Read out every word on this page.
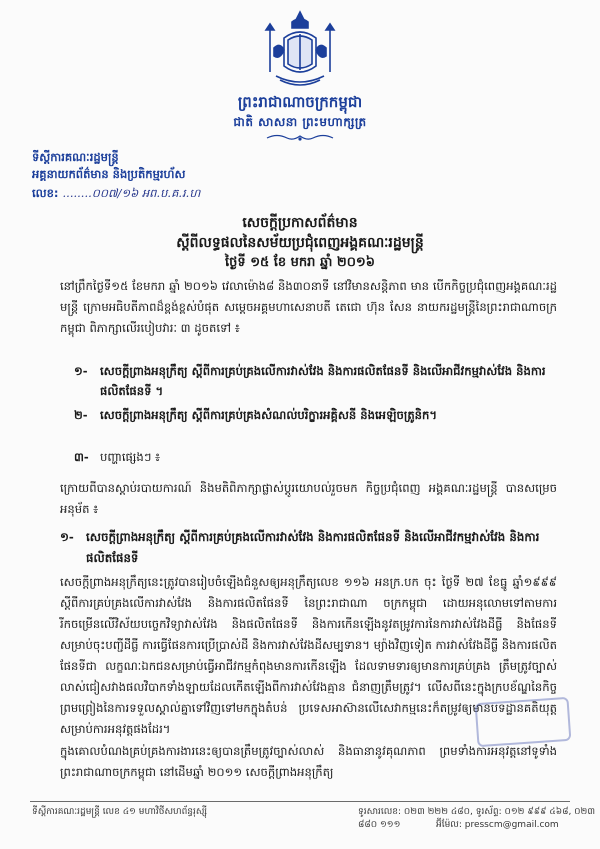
ព្រះរាជាណាចក្រកម្ពុជា
ជាតិ សាសនា ព្រះមហាក្សត្រ
ទីស្តីការគណៈរដ្ឋមន្ត្រី
អគ្គនាយកព័ត៌មាន និងប្រតិកម្មរហ័ស
លេខ: ........០០៧/១៦ អព.ប.គ.រ.ហ
សេចក្តីប្រកាសព័ត៌មាន
ស្តីពីលទ្ធផលនៃសម័យប្រជុំពេញអង្គគណៈរដ្ឋមន្ត្រី
ថ្ងៃទី ១៥ ខែ មករា ឆ្នាំ ២០១៦
នៅព្រឹកថ្ងៃទី១៥ ខែមករា ឆ្នាំ ២០១៦ វេលាម៉ោង៨ និង៣០នាទី នៅវិមានសន្តិភាព មាន បើកកិច្ចប្រជុំពេញអង្គគណៈរដ្ឋមន្ត្រី ក្រោមអធិបតីភាពដ៏ខ្ពង់ខ្ពស់បំផុត សម្តេចអគ្គមហាសេនាបតី តេជោ ហ៊ុន សែន នាយករដ្ឋមន្ត្រីនៃព្រះរាជាណាចក្រកម្ពុជា ពិភាក្សាលើរបៀបវារៈ ៣ ដូចតទៅ ៖
១- សេចក្តីព្រាងអនុក្រឹត្យ ស្តីពីការគ្រប់គ្រងលើការវាស់វែង និងការផលិតផែនទី និងលើអាជីវកម្មវាស់វែង និងការផលិតផែនទី ។
២- សេចក្តីព្រាងអនុក្រឹត្យ ស្តីពីការគ្រប់គ្រងសំណល់បរិក្ខារអគ្គិសនី និងអេឡិចត្រូនិក។
៣- បញ្ហាផ្សេងៗ ៖
ក្រោយពីបានស្តាប់របាយការណ៍ និងមតិពិភាក្សាផ្លាស់ប្តូរយោបល់រួចមក កិច្ចប្រជុំពេញ អង្គគណៈរដ្ឋមន្ត្រី បានសម្រេចអនុម័ត ៖
១- សេចក្តីព្រាងអនុក្រឹត្យ ស្តីពីការគ្រប់គ្រងលើការវាស់វែង និងការផលិតផែនទី និងលើអាជីវកម្មវាស់វែង និងការផលិតផែនទី
សេចក្តីព្រាងអនុក្រឹត្យនេះត្រូវបានរៀបចំឡើងជំនួសឲ្យអនុក្រឹត្យលេខ ១១៦ អនក្រ.បក ចុះ ថ្ងៃទី ២៧ ខែធ្នូ ឆ្នាំ១៩៩៩ ស្តីពីការគ្រប់គ្រងលើការវាស់វែង និងការផលិតផែនទី នៃព្រះរាជាណា ចក្រកម្ពុជា ដោយអនុលោមទៅតាមការរីកចម្រើនលើវិស័យបច្ចេកវិទ្យាវាស់វែង និងផលិតផែនទី និងការកើនឡើងនូវតម្រូវការនៃការវាស់វែងដីធ្លី និងផែនទី សម្រាប់ចុះបញ្ជីដីធ្លី ការធ្វើផែនការប្រើប្រាស់ដី និងការវាស់វែងដីសម្បទាន។ ម្យ៉ាងវិញទៀត ការវាស់វែងដីធ្លី និងការផលិតផែនទីជា លក្ខណៈឯកជនសម្រាប់ធ្វើអាជីវកម្មកំពុងមានការកើនឡើង ដែលទាមទារឲ្យមានការគ្រប់គ្រង ត្រឹមត្រូវច្បាស់លាស់ជៀសវាងផលវិបាកទាំងឡាយដែលកើតឡើងពីការវាស់វែងគ្មាន ជំនាញត្រឹមត្រូវ។ លើសពីនេះក្នុងក្របខ័ណ្ឌនៃកិច្ចព្រមព្រៀងនៃការទទួលស្គាល់គ្នាទៅវិញទៅមកក្នុងតំបន់ ប្រទេសអាស៊ានលើសេវាកម្មនេះក៏តម្រូវឲ្យមានបទដ្ឋានគតិយុត្តសម្រាប់ការអនុវត្តផងដែរ។
ក្នុងគោលបំណងគ្រប់គ្រងការងារនេះឲ្យបានត្រឹមត្រូវច្បាស់លាស់ និងធានានូវគុណភាព ព្រមទាំងការអនុវត្តនៅទូទាំងព្រះរាជាណាចក្រកម្ពុជា នៅដើមឆ្នាំ ២០១១ សេចក្តីព្រាងអនុក្រឹត្យ
ទីស្តីការគណៈរដ្ឋមន្ត្រី លេខ ៤១ មហាវិថីសហព័ន្ធរុស្ស៊ី	ទូរសារលេខ: ០២៣ ២២២ ៤៨០, ទូរស័ព្ទ: ០១២ ៩៩៩ ៤៦៨, ០២៣ ៨៨០ ១១១	អ៊ីម៉ែល: presscm@gmail.com
